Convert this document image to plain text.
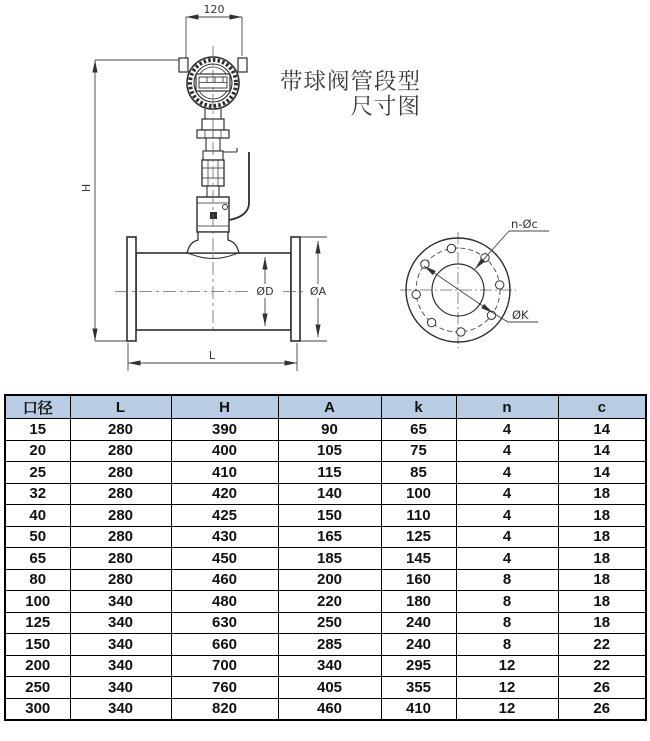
120
H
ØD	ØA
L
带球阀管段型
尺寸图
n-Øc
ØK
口径	L	H	A	k	n	c
15	280	390	90	65	4	14
20	280	400	105	75	4	14
25	280	410	115	85	4	14
32	280	420	140	100	4	18
40	280	425	150	110	4	18
50	280	430	165	125	4	18
65	280	450	185	145	4	18
80	280	460	200	160	8	18
100	340	480	220	180	8	18
125	340	630	250	240	8	18
150	340	660	285	240	8	22
200	340	700	340	295	12	22
250	340	760	405	355	12	26
300	340	820	460	410	12	26
